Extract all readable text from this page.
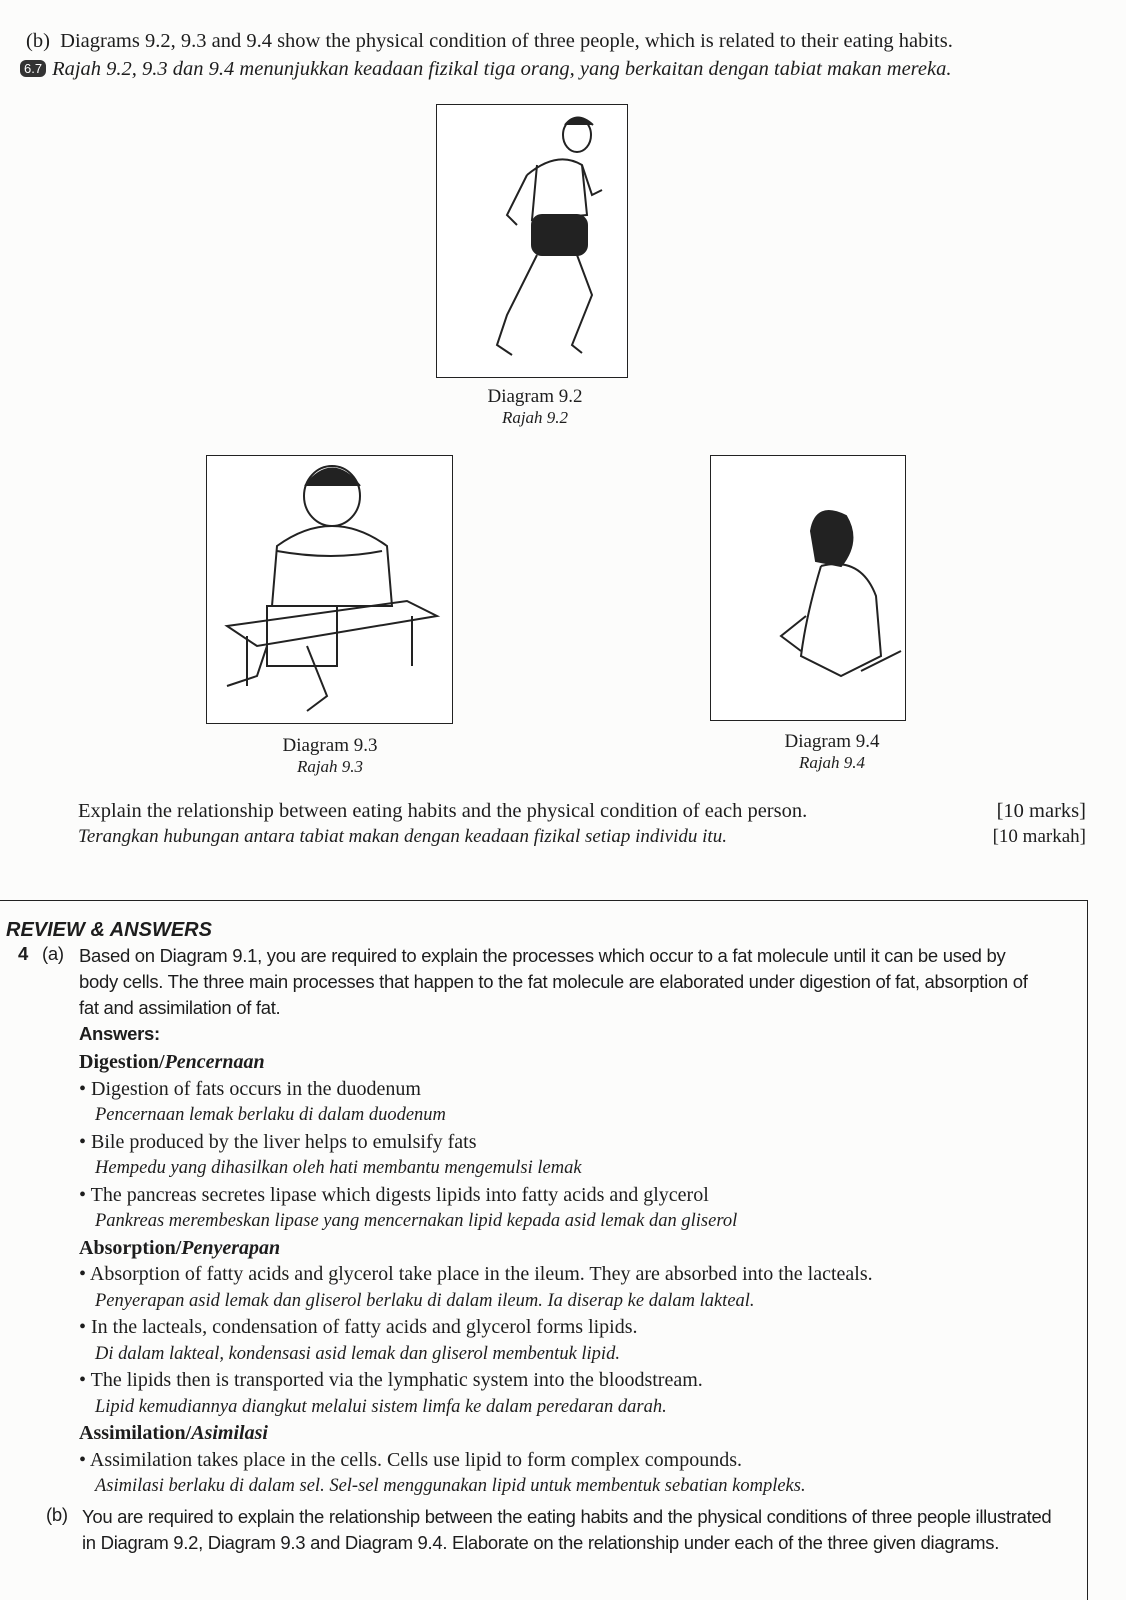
(b) Diagrams 9.2, 9.3 and 9.4 show the physical condition of three people, which is related to their eating habits.
6.7 Rajah 9.2, 9.3 dan 9.4 menunjukkan keadaan fizikal tiga orang, yang berkaitan dengan tabiat makan mereka.
Diagram 9.2
Rajah 9.2
Diagram 9.3
Rajah 9.3
Diagram 9.4
Rajah 9.4
Explain the relationship between eating habits and the physical condition of each person.	[10 marks]
Terangkan hubungan antara tabiat makan dengan keadaan fizikal setiap individu itu.	[10 markah]
REVIEW & ANSWERS
4 (a) Based on Diagram 9.1, you are required to explain the processes which occur to a fat molecule until it can be used by
body cells. The three main processes that happen to the fat molecule are elaborated under digestion of fat, absorption of
fat and assimilation of fat.
Answers:
Digestion/Pencernaan
• Digestion of fats occurs in the duodenum
Pencernaan lemak berlaku di dalam duodenum
• Bile produced by the liver helps to emulsify fats
Hempedu yang dihasilkan oleh hati membantu mengemulsi lemak
• The pancreas secretes lipase which digests lipids into fatty acids and glycerol
Pankreas merembeskan lipase yang mencernakan lipid kepada asid lemak dan gliserol
Absorption/Penyerapan
• Absorption of fatty acids and glycerol take place in the ileum. They are absorbed into the lacteals.
Penyerapan asid lemak dan gliserol berlaku di dalam ileum. Ia diserap ke dalam lakteal.
• In the lacteals, condensation of fatty acids and glycerol forms lipids.
Di dalam lakteal, kondensasi asid lemak dan gliserol membentuk lipid.
• The lipids then is transported via the lymphatic system into the bloodstream.
Lipid kemudiannya diangkut melalui sistem limfa ke dalam peredaran darah.
Assimilation/Asimilasi
• Assimilation takes place in the cells. Cells use lipid to form complex compounds.
Asimilasi berlaku di dalam sel. Sel-sel menggunakan lipid untuk membentuk sebatian kompleks.
(b) You are required to explain the relationship between the eating habits and the physical conditions of three people illustrated
in Diagram 9.2, Diagram 9.3 and Diagram 9.4. Elaborate on the relationship under each of the three given diagrams.
